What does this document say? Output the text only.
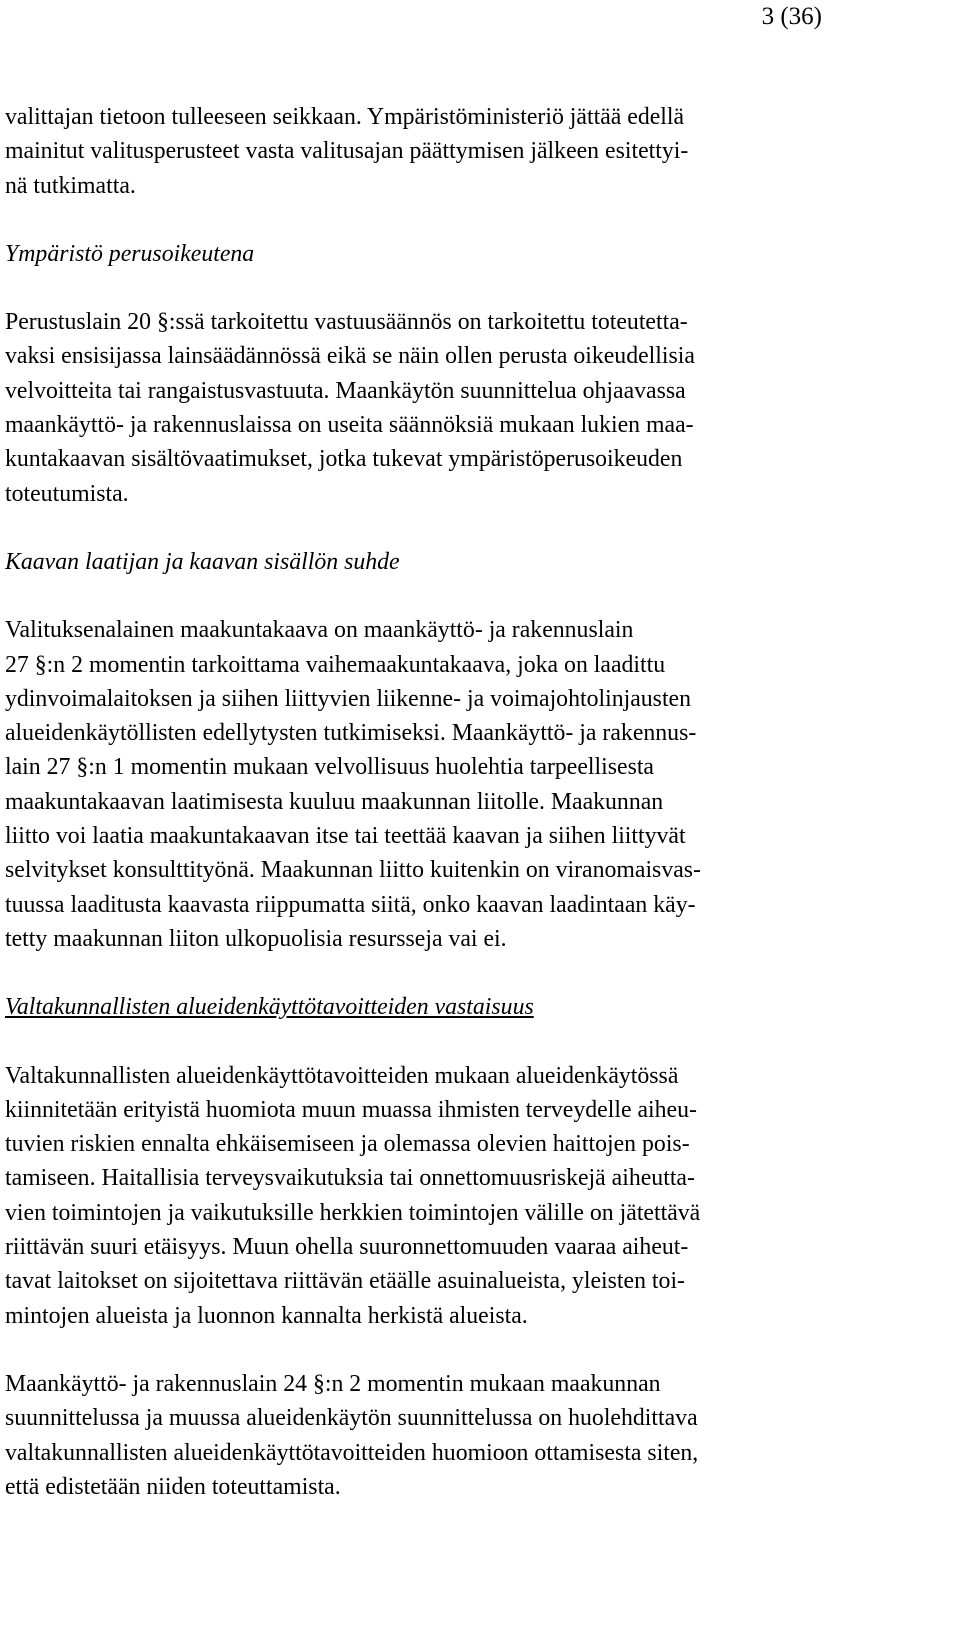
3 (36)

valittajan tietoon tulleeseen seikkaan. Ympäristöministeriö jättää edellä
mainitut valitusperusteet vasta valitusajan päättymisen jälkeen esitettyi-
nä tutkimatta.

Ympäristö perusoikeutena

Perustuslain 20 §:ssä tarkoitettu vastuusäännös on tarkoitettu toteutetta-
vaksi ensisijassa lainsäädännössä eikä se näin ollen perusta oikeudellisia
velvoitteita tai rangaistusvastuuta. Maankäytön suunnittelua ohjaavassa
maankäyttö- ja rakennuslaissa on useita säännöksiä mukaan lukien maa-
kuntakaavan sisältövaatimukset, jotka tukevat ympäristöperusoikeuden
toteutumista.

Kaavan laatijan ja kaavan sisällön suhde

Valituksenalainen maakuntakaava on maankäyttö- ja rakennuslain
27 §:n 2 momentin tarkoittama vaihemaakuntakaava, joka on laadittu
ydinvoimalaitoksen ja siihen liittyvien liikenne- ja voimajohtolinjausten
alueidenkäytöllisten edellytysten tutkimiseksi. Maankäyttö- ja rakennus-
lain 27 §:n 1 momentin mukaan velvollisuus huolehtia tarpeellisesta
maakuntakaavan laatimisesta kuuluu maakunnan liitolle. Maakunnan
liitto voi laatia maakuntakaavan itse tai teettää kaavan ja siihen liittyvät
selvitykset konsulttityönä. Maakunnan liitto kuitenkin on viranomaisvas-
tuussa laaditusta kaavasta riippumatta siitä, onko kaavan laadintaan käy-
tetty maakunnan liiton ulkopuolisia resursseja vai ei.

Valtakunnallisten alueidenkäyttötavoitteiden vastaisuus

Valtakunnallisten alueidenkäyttötavoitteiden mukaan alueidenkäytössä
kiinnitetään erityistä huomiota muun muassa ihmisten terveydelle aiheu-
tuvien riskien ennalta ehkäisemiseen ja olemassa olevien haittojen pois-
tamiseen. Haitallisia terveysvaikutuksia tai onnettomuusriskejä aiheutta-
vien toimintojen ja vaikutuksille herkkien toimintojen välille on jätettävä
riittävän suuri etäisyys. Muun ohella suuronnettomuuden vaaraa aiheut-
tavat laitokset on sijoitettava riittävän etäälle asuinalueista, yleisten toi-
mintojen alueista ja luonnon kannalta herkistä alueista.

Maankäyttö- ja rakennuslain 24 §:n 2 momentin mukaan maakunnan
suunnittelussa ja muussa alueidenkäytön suunnittelussa on huolehdittava
valtakunnallisten alueidenkäyttötavoitteiden huomioon ottamisesta siten,
että edistetään niiden toteuttamista.
